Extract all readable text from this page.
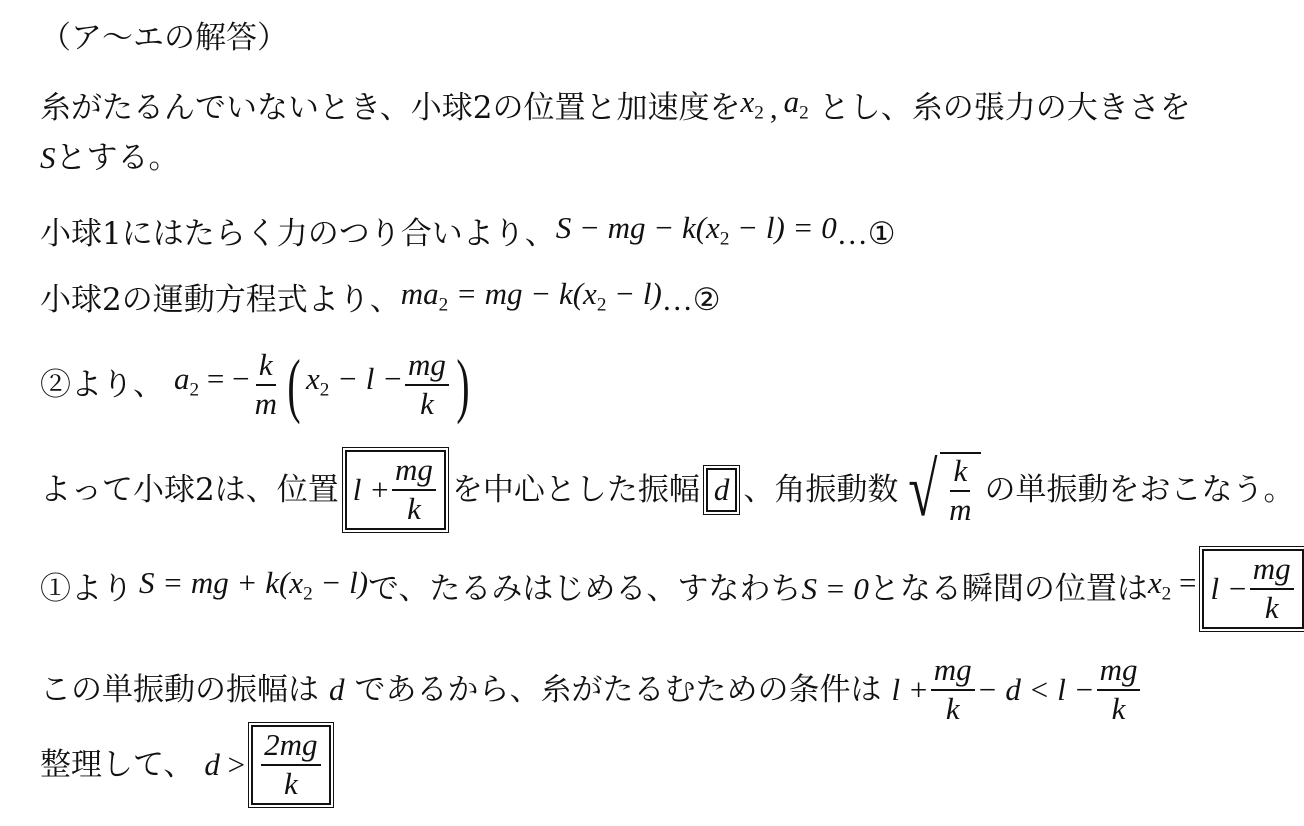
（ア～エの解答）
糸がたるんでいないとき、小球2の位置と加速度を $x_2$ , $a_2$ とし、糸の張力の大きさを
S とする。
小球1にはたらく力のつり合いより、 S − mg − $k(x_2 - l) = 0$ …①
小球2の運動方程式より、 $ma_2$ = mg − $k(x_2 - l)$ …②
②より、 $a_2$ = − $\frac{k}{m}$ ( $x_2 - l - \frac{mg}{k}$ )
よって小球2は、位置 $l + \frac{mg}{k}$ を中心とした振幅 d 、角振動数 √ $\frac{k}{m}$ の単振動をおこなう。
①より S = mg + $k(x_2 - l)$ で、たるみはじめる、すなわち S = 0 となる瞬間の位置は $x_2 = l - \frac{mg}{k}$
この単振動の振幅は d であるから、糸がたるむための条件は $l + \frac{mg}{k} - d < l - \frac{mg}{k}$
整理して、 $d > \frac{2mg}{k}$
